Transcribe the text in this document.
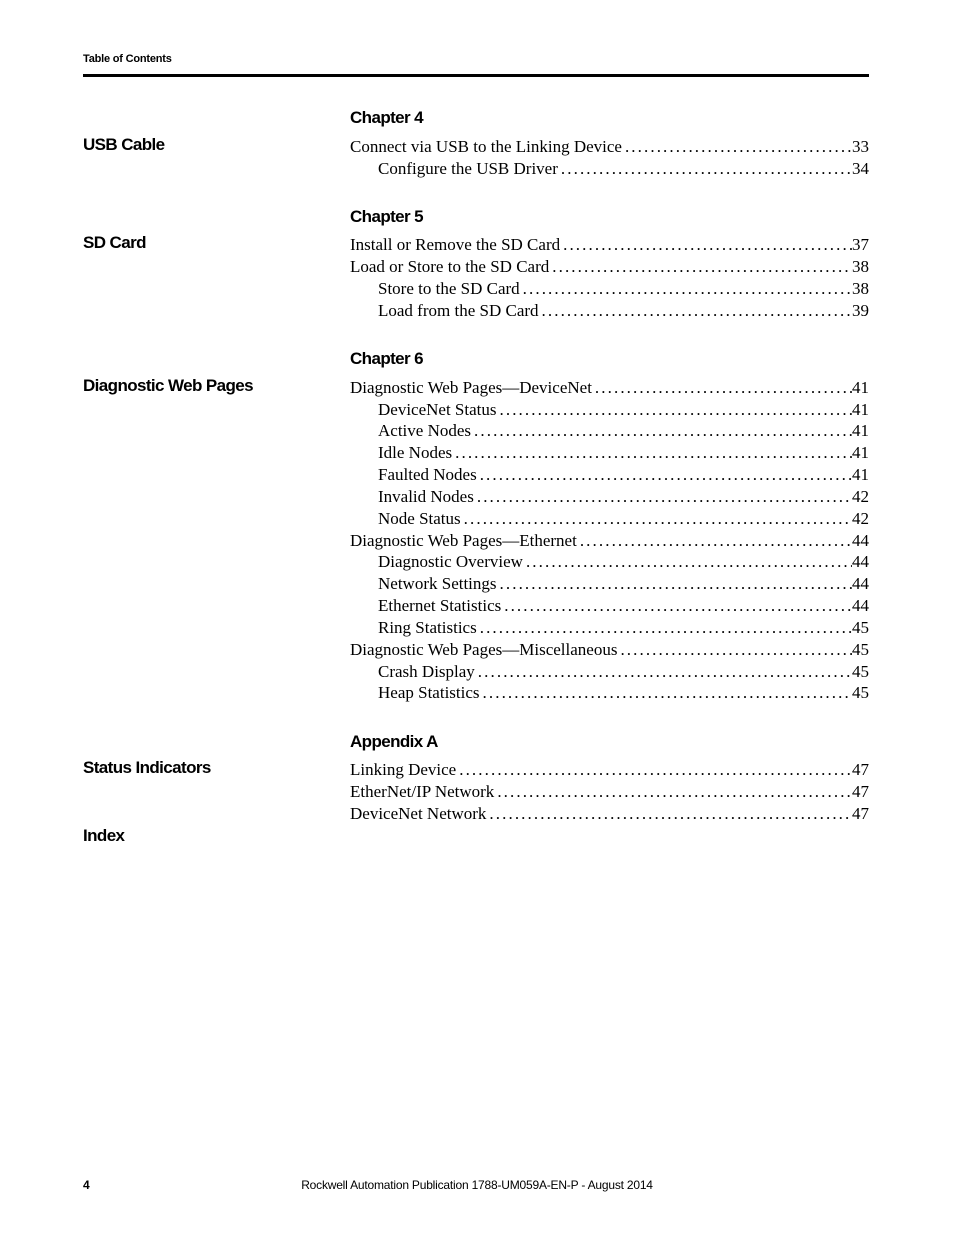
Table of Contents
Chapter 4
USB Cable	Connect via USB to the Linking Device .....	33
Configure the USB Driver .....	34
Chapter 5
SD Card	Install or Remove the SD Card .....	37
Load or Store to the SD Card .....	38
Store to the SD Card .....	38
Load from the SD Card .....	39
Chapter 6
Diagnostic Web Pages	Diagnostic Web Pages—DeviceNet .....	41
DeviceNet Status .....	41
Active Nodes .....	41
Idle Nodes .....	41
Faulted Nodes .....	41
Invalid Nodes .....	42
Node Status .....	42
Diagnostic Web Pages—Ethernet .....	44
Diagnostic Overview .....	44
Network Settings .....	44
Ethernet Statistics .....	44
Ring Statistics .....	45
Diagnostic Web Pages—Miscellaneous .....	45
Crash Display .....	45
Heap Statistics .....	45
Appendix A
Status Indicators	Linking Device .....	47
EtherNet/IP Network .....	47
DeviceNet Network .....	47
Index
4	Rockwell Automation Publication 1788-UM059A-EN-P - August 2014
